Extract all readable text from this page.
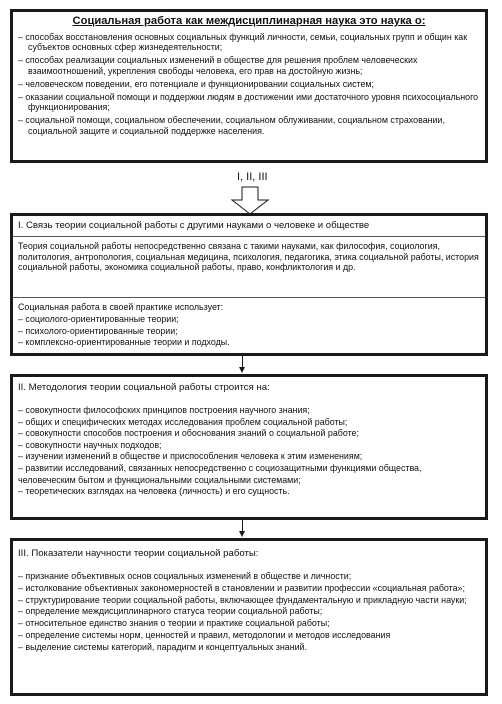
Социальная работа как междисциплинарная наука это наука о:
– способах восстановления основных социальных функций личности, семьи, социальных групп и общин как субъектов основных сфер жизнедеятельности;
– способах реализации социальных изменений в обществе для решения проблем человеческих взаимоотношений, укрепления свободы человека, его прав на достойную жизнь;
– человеческом поведении, его потенциале и функционировании социальных систем;
– оказании социальной помощи и поддержки людям в достижении ими достаточного уровня психосоциального функционирования;
– социальной помощи, социальном обеспечении, социальном облуживании, социальном страховании, социальной защите и социальной поддержке населения.
I, II, III
I. Связь теории социальной работы с другими науками о человеке и обществе
Теория социальной работы непосредственно связана с такими науками, как философия, социология, политология, антропология, социальная медицина, психология, педагогика, этика социальной работы, история социальной работы, экономика социальной работы, право, конфликтология и др.
Социальная работа в своей практике использует:
– социолого-ориентированные теории;
– психолого-ориентированные теории;
– комплексно-ориентированные теории и подходы.
II. Методология теории социальной работы строится на:
– совокупности философских принципов построения научного знания;
– общих и специфических методах исследования проблем социальной работы;
– совокупности способов построения и обоснования знаний о социальной работе;
– совокупности научных подходов;
– изучении изменений в обществе и приспособления человека к этим изменениям;
– развитии исследований, связанных непосредственно с социозащитными функциями общества, человеческим бытом и функциональными социальными системами;
– теоретических взглядах на человека (личность) и его сущность.
III. Показатели научности теории социальной работы:
– признание объективных основ социальных изменений в обществе и личности;
– истолкование объективных закономерностей в становлении и развитии профессии «социальная работа»;
– структурирование теории социальной работы, включающее фундаментальную и прикладную части науки;
– определение междисциплинарного статуса теории социальной работы;
– относительное единство знания о теории и практике социальной работы;
– определение системы норм, ценностей и правил, методологии и методов исследования
– выделение системы категорий, парадигм и концептуальных знаний.
